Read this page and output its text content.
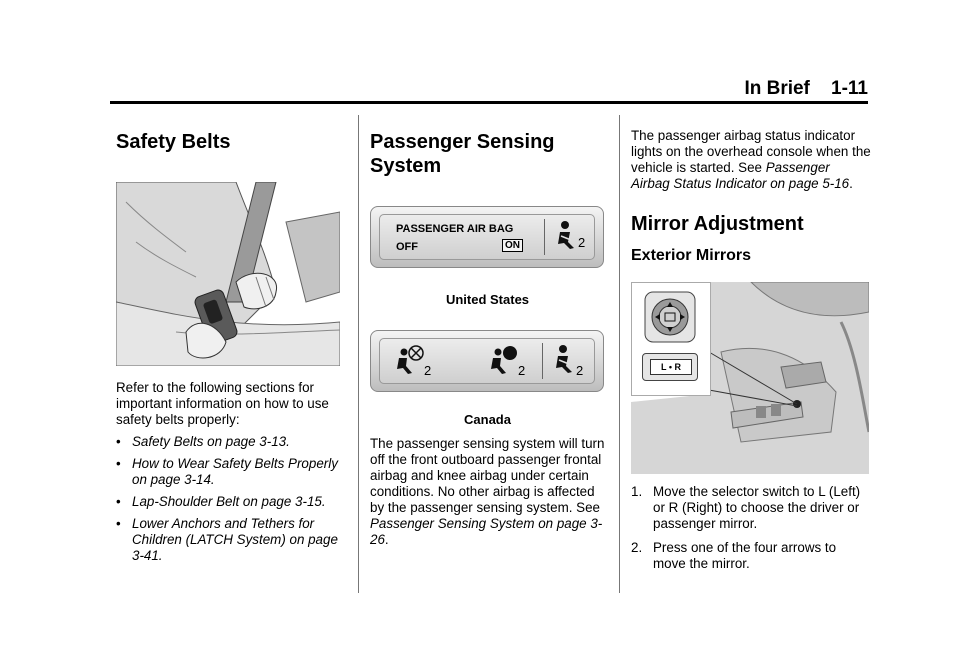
In Brief 1-11
Safety Belts

Refer to the following sections for important information on how to use safety belts properly:

• Safety Belts on page 3-13.
• How to Wear Safety Belts Properly on page 3-14.
• Lap-Shoulder Belt on page 3-15.
• Lower Anchors and Tethers for Children (LATCH System) on page 3-41.
Passenger Sensing
System
PASSENGER AIR BAG
OFF	ON	2
United States
2	2	2
Canada

The passenger sensing system will turn off the front outboard passenger frontal airbag and knee airbag under certain conditions. No other airbag is affected by the passenger sensing system. See Passenger Sensing System on page 3-26.

The passenger airbag status indicator lights on the overhead console when the vehicle is started. See Passenger Airbag Status Indicator on page 5-16.

Mirror Adjustment
Exterior Mirrors
L • R
1. Move the selector switch to L (Left) or R (Right) to choose the driver or passenger mirror.
2. Press one of the four arrows to move the mirror.
